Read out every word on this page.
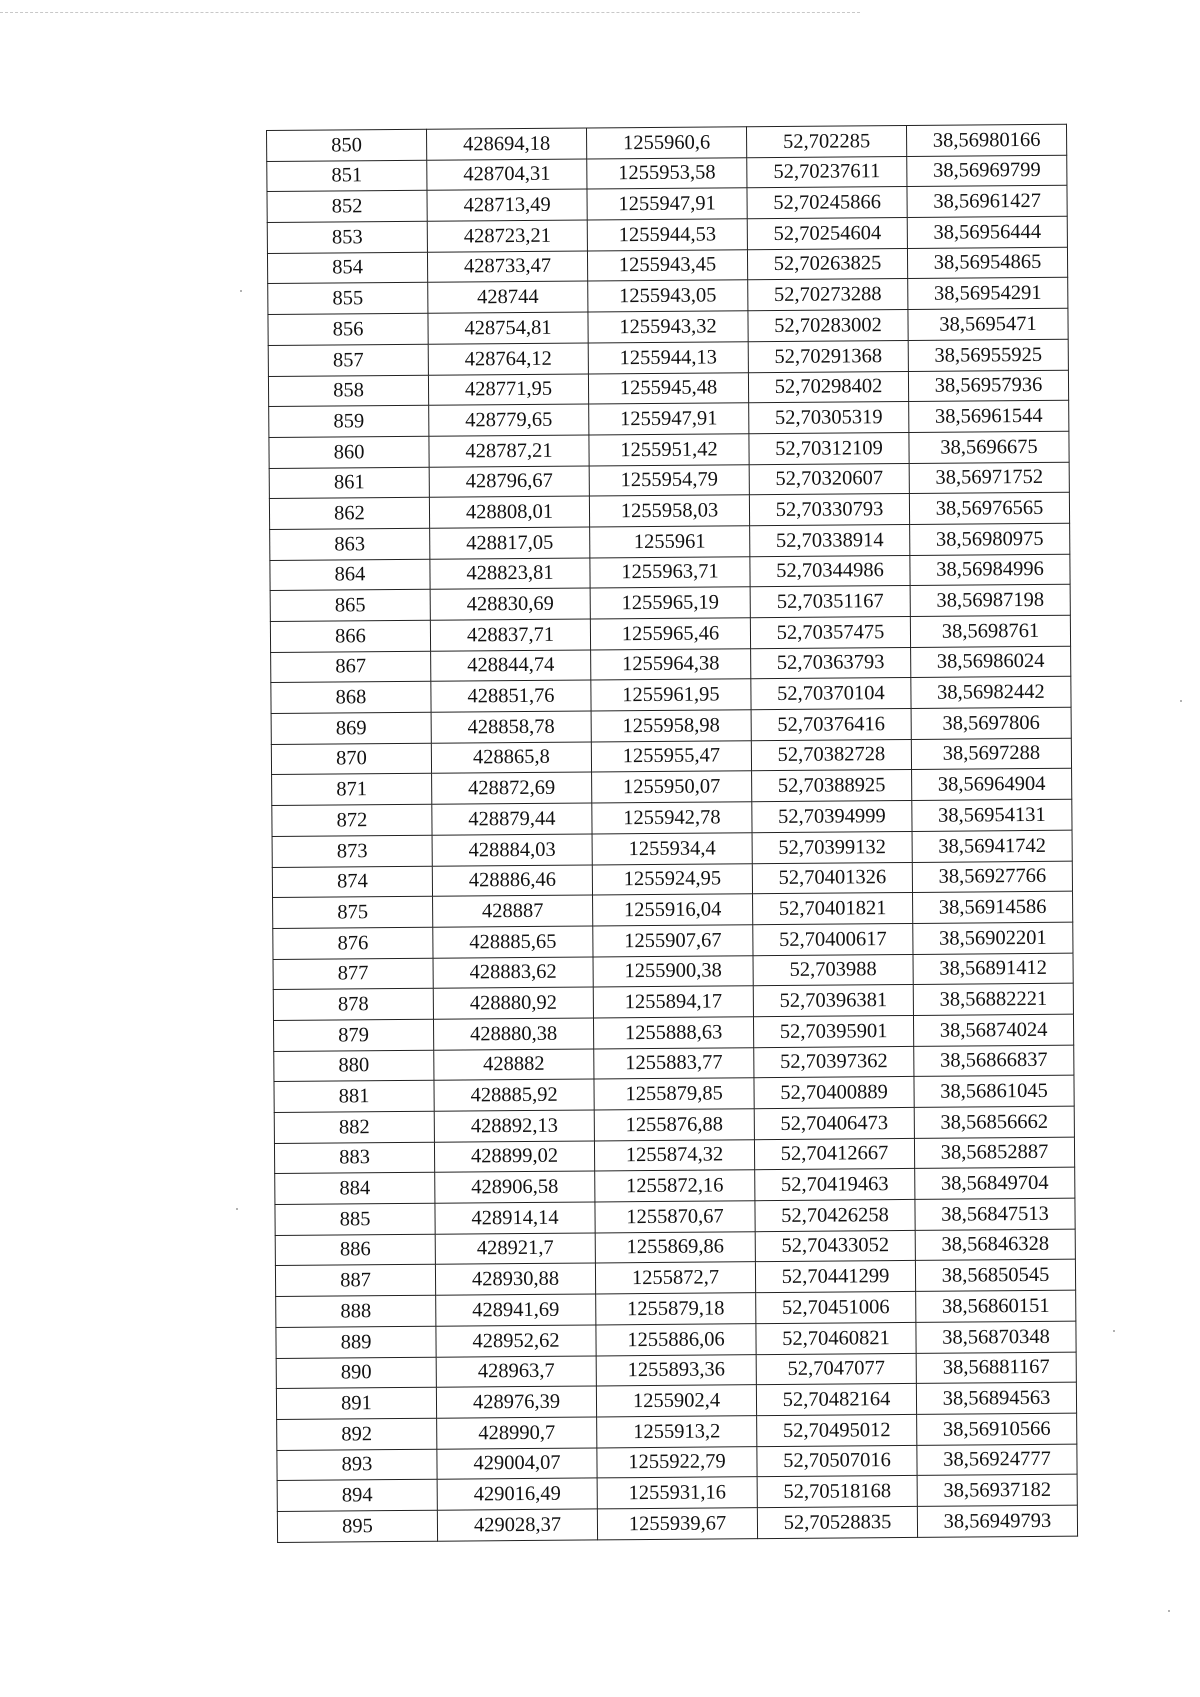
850	428694,18	1255960,6	52,702285	38,56980166
851	428704,31	1255953,58	52,70237611	38,56969799
852	428713,49	1255947,91	52,70245866	38,56961427
853	428723,21	1255944,53	52,70254604	38,56956444
854	428733,47	1255943,45	52,70263825	38,56954865
855	428744	1255943,05	52,70273288	38,56954291
856	428754,81	1255943,32	52,70283002	38,5695471
857	428764,12	1255944,13	52,70291368	38,56955925
858	428771,95	1255945,48	52,70298402	38,56957936
859	428779,65	1255947,91	52,70305319	38,56961544
860	428787,21	1255951,42	52,70312109	38,5696675
861	428796,67	1255954,79	52,70320607	38,56971752
862	428808,01	1255958,03	52,70330793	38,56976565
863	428817,05	1255961	52,70338914	38,56980975
864	428823,81	1255963,71	52,70344986	38,56984996
865	428830,69	1255965,19	52,70351167	38,56987198
866	428837,71	1255965,46	52,70357475	38,5698761
867	428844,74	1255964,38	52,70363793	38,56986024
868	428851,76	1255961,95	52,70370104	38,56982442
869	428858,78	1255958,98	52,70376416	38,5697806
870	428865,8	1255955,47	52,70382728	38,5697288
871	428872,69	1255950,07	52,70388925	38,56964904
872	428879,44	1255942,78	52,70394999	38,56954131
873	428884,03	1255934,4	52,70399132	38,56941742
874	428886,46	1255924,95	52,70401326	38,56927766
875	428887	1255916,04	52,70401821	38,56914586
876	428885,65	1255907,67	52,70400617	38,56902201
877	428883,62	1255900,38	52,703988	38,56891412
878	428880,92	1255894,17	52,70396381	38,56882221
879	428880,38	1255888,63	52,70395901	38,56874024
880	428882	1255883,77	52,70397362	38,56866837
881	428885,92	1255879,85	52,70400889	38,56861045
882	428892,13	1255876,88	52,70406473	38,56856662
883	428899,02	1255874,32	52,70412667	38,56852887
884	428906,58	1255872,16	52,70419463	38,56849704
885	428914,14	1255870,67	52,70426258	38,56847513
886	428921,7	1255869,86	52,70433052	38,56846328
887	428930,88	1255872,7	52,70441299	38,56850545
888	428941,69	1255879,18	52,70451006	38,56860151
889	428952,62	1255886,06	52,70460821	38,56870348
890	428963,7	1255893,36	52,7047077	38,56881167
891	428976,39	1255902,4	52,70482164	38,56894563
892	428990,7	1255913,2	52,70495012	38,56910566
893	429004,07	1255922,79	52,70507016	38,56924777
894	429016,49	1255931,16	52,70518168	38,56937182
895	429028,37	1255939,67	52,70528835	38,56949793
